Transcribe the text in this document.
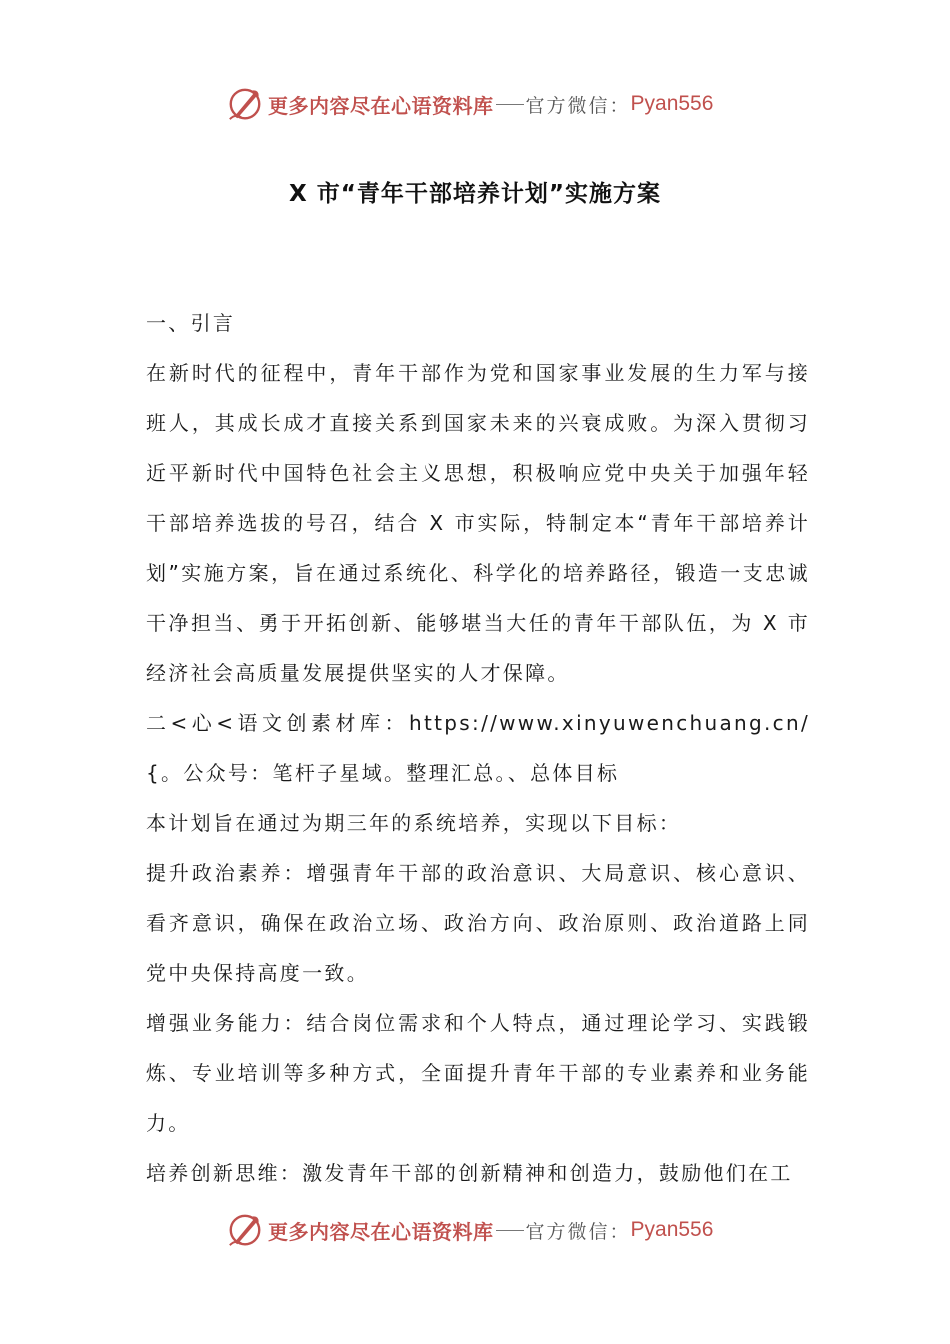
更多内容尽在心语资料库 官方微信： Pyan556
X 市“青年干部培养计划”实施方案

一、引言

在新时代的征程中，青年干部作为党和国家事业发展的生力军与接班人，其成长成才直接关系到国家未来的兴衰成败。为深入贯彻习近平新时代中国特色社会主义思想，积极响应党中央关于加强年轻干部培养选拔的号召，结合 X 市实际，特制定本“青年干部培养计划”实施方案，旨在通过系统化、科学化的培养路径，锻造一支忠诚干净担当、勇于开拓创新、能够堪当大任的青年干部队伍，为 X 市经济社会高质量发展提供坚实的人才保障。

二<心<语文创素材库：https://www.xinyuwenchuang.cn/{。公众号：笔杆子星域。整理汇总。、总体目标

本计划旨在通过为期三年的系统培养，实现以下目标：

提升政治素养：增强青年干部的政治意识、大局意识、核心意识、看齐意识，确保在政治立场、政治方向、政治原则、政治道路上同党中央保持高度一致。

增强业务能力：结合岗位需求和个人特点，通过理论学习、实践锻炼、专业培训等多种方式，全面提升青年干部的专业素养和业务能力。

培养创新思维：激发青年干部的创新精神和创造力，鼓励他们在工

更多内容尽在心语资料库 官方微信： Pyan556
